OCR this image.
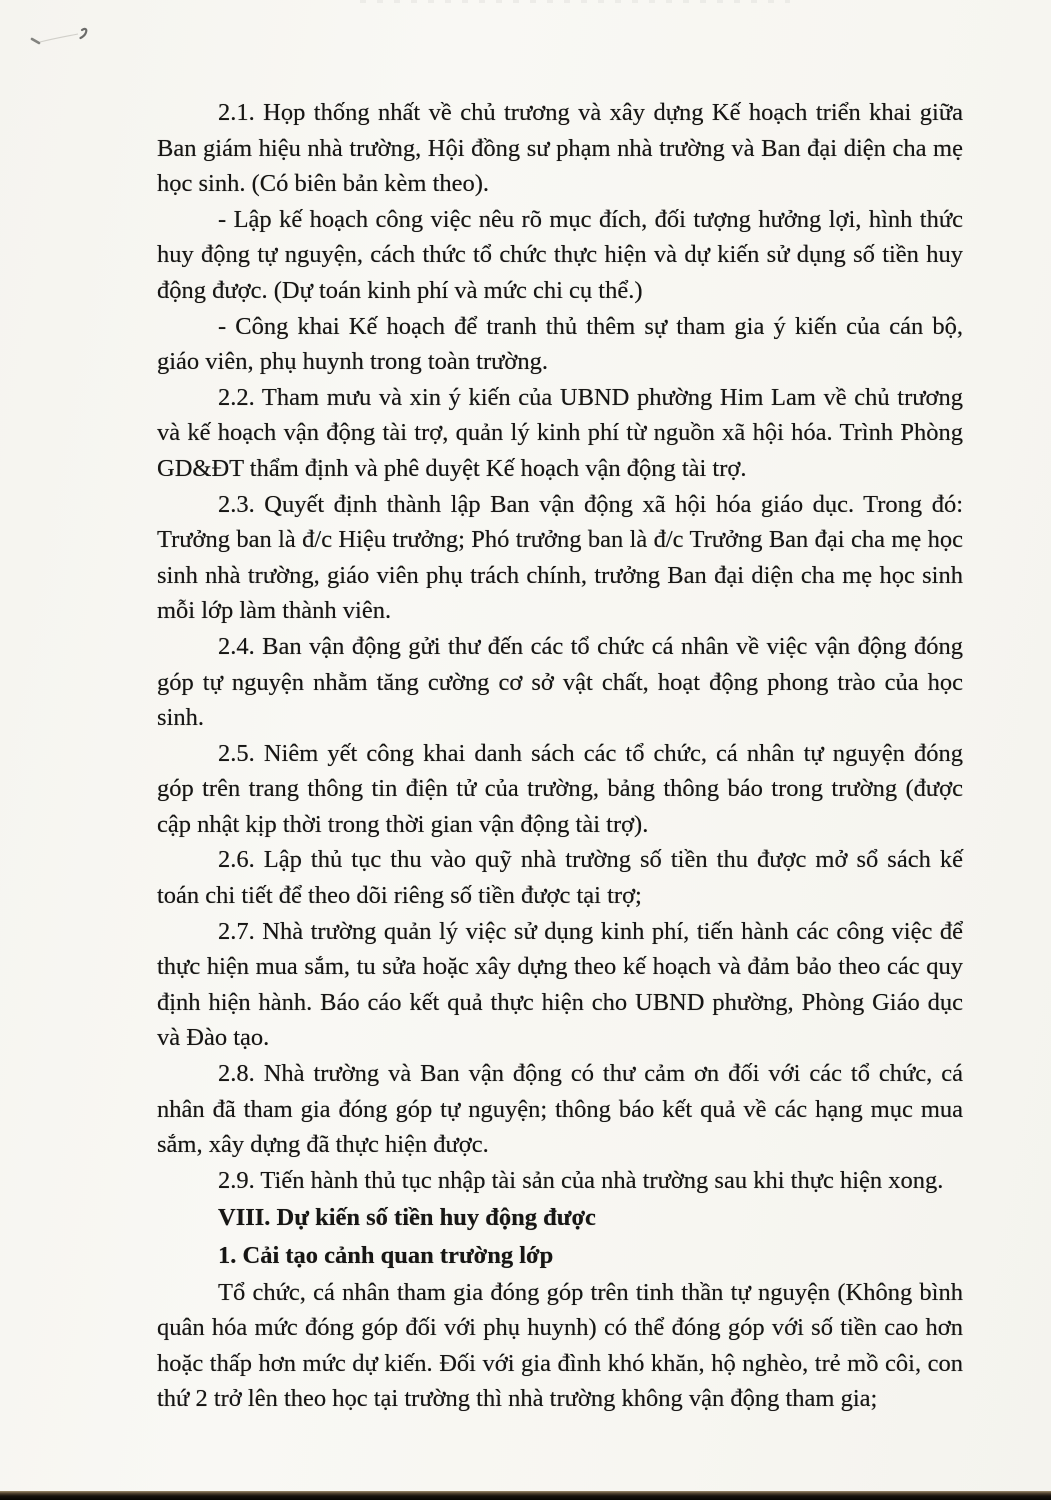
2.1. Họp thống nhất về chủ trương và xây dựng Kế hoạch triển khai giữa Ban giám hiệu nhà trường, Hội đồng sư phạm nhà trường và Ban đại diện cha mẹ học sinh. (Có biên bản kèm theo).

- Lập kế hoạch công việc nêu rõ mục đích, đối tượng hưởng lợi, hình thức huy động tự nguyện, cách thức tổ chức thực hiện và dự kiến sử dụng số tiền huy động được. (Dự toán kinh phí và mức chi cụ thể.)

- Công khai Kế hoạch để tranh thủ thêm sự tham gia ý kiến của cán bộ, giáo viên, phụ huynh trong toàn trường.

2.2. Tham mưu và xin ý kiến của UBND phường Him Lam về chủ trương và kế hoạch vận động tài trợ, quản lý kinh phí từ nguồn xã hội hóa. Trình Phòng GD&ĐT thẩm định và phê duyệt Kế hoạch vận động tài trợ.

2.3. Quyết định thành lập Ban vận động xã hội hóa giáo dục. Trong đó: Trưởng ban là đ/c Hiệu trưởng; Phó trưởng ban là đ/c Trưởng Ban đại cha mẹ học sinh nhà trường, giáo viên phụ trách chính, trưởng Ban đại diện cha mẹ học sinh mỗi lớp làm thành viên.

2.4. Ban vận động gửi thư đến các tổ chức cá nhân về việc vận động đóng góp tự nguyện nhằm tăng cường cơ sở vật chất, hoạt động phong trào của học sinh.

2.5. Niêm yết công khai danh sách các tổ chức, cá nhân tự nguyện đóng góp trên trang thông tin điện tử của trường, bảng thông báo trong trường (được cập nhật kịp thời trong thời gian vận động tài trợ).

2.6. Lập thủ tục thu vào quỹ nhà trường số tiền thu được mở sổ sách kế toán chi tiết để theo dõi riêng số tiền được tại trợ;

2.7. Nhà trường quản lý việc sử dụng kinh phí, tiến hành các công việc để thực hiện mua sắm, tu sửa hoặc xây dựng theo kế hoạch và đảm bảo theo các quy định hiện hành. Báo cáo kết quả thực hiện cho UBND phường, Phòng Giáo dục và Đào tạo.

2.8. Nhà trường và Ban vận động có thư cảm ơn đối với các tổ chức, cá nhân đã tham gia đóng góp tự nguyện; thông báo kết quả về các hạng mục mua sắm, xây dựng đã thực hiện được.

2.9. Tiến hành thủ tục nhập tài sản của nhà trường sau khi thực hiện xong.

VIII. Dự kiến số tiền huy động được

1. Cải tạo cảnh quan trường lớp

Tổ chức, cá nhân tham gia đóng góp trên tinh thần tự nguyện (Không bình quân hóa mức đóng góp đối với phụ huynh) có thể đóng góp với số tiền cao hơn hoặc thấp hơn mức dự kiến. Đối với gia đình khó khăn, hộ nghèo, trẻ mồ côi, con thứ 2 trở lên theo học tại trường thì nhà trường không vận động tham gia;
